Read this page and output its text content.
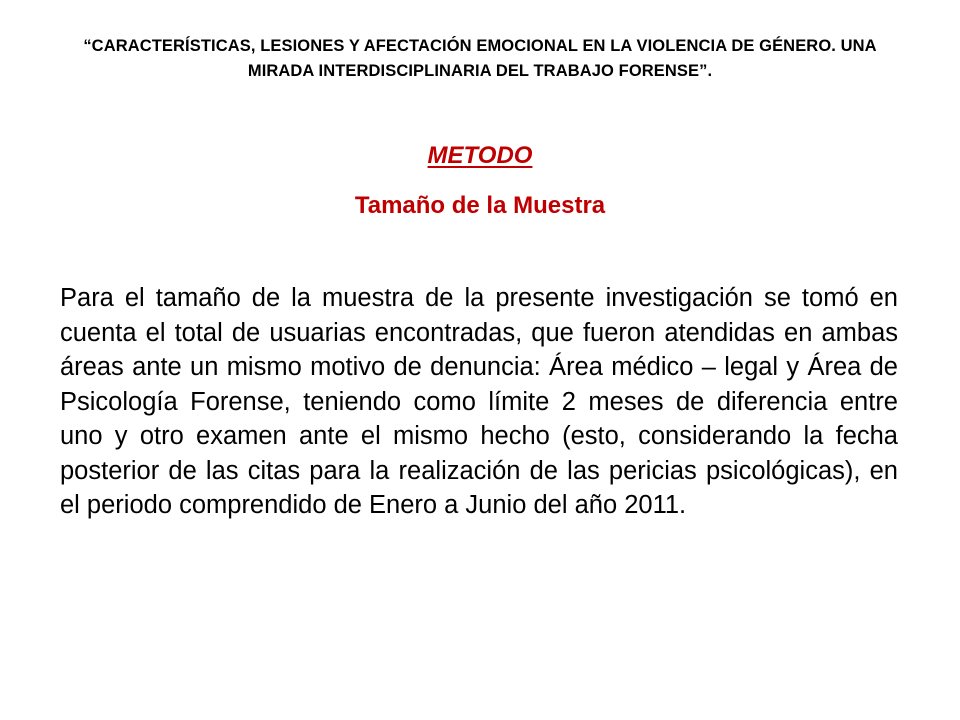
“CARACTERÍSTICAS, LESIONES Y AFECTACIÓN EMOCIONAL EN LA VIOLENCIA DE GÉNERO. UNA MIRADA INTERDISCIPLINARIA DEL TRABAJO FORENSE”.

METODO

Tamaño de la Muestra

Para el tamaño de la muestra de la presente investigación se tomó en cuenta el total de usuarias encontradas, que fueron atendidas en ambas áreas ante un mismo motivo de denuncia: Área médico – legal y Área de Psicología Forense, teniendo como límite 2 meses de diferencia entre uno y otro examen ante el mismo hecho (esto, considerando la fecha posterior de las citas para la realización de las pericias psicológicas), en el periodo comprendido de Enero a Junio del año 2011.
